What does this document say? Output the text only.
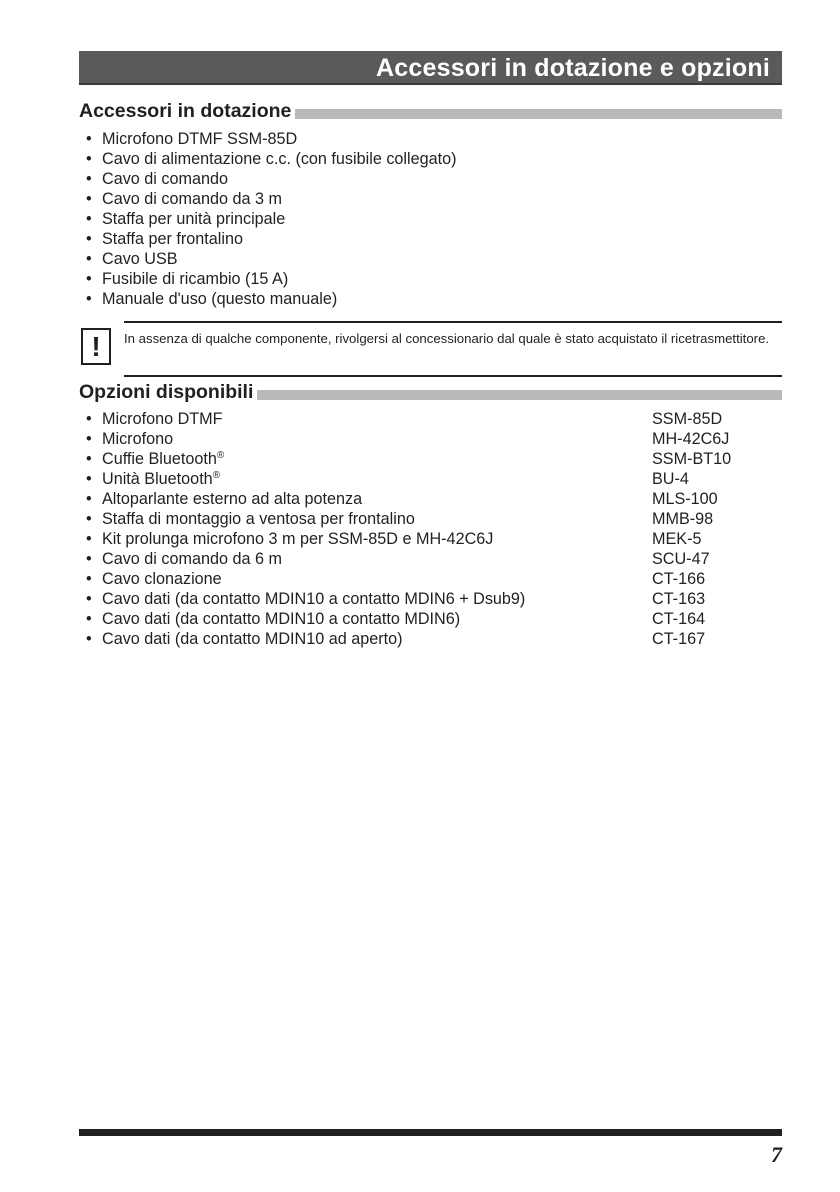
Accessori in dotazione e opzioni
Accessori in dotazione
• Microfono DTMF SSM-85D
• Cavo di alimentazione c.c. (con fusibile collegato)
• Cavo di comando
• Cavo di comando da 3 m
• Staffa per unità principale
• Staffa per frontalino
• Cavo USB
• Fusibile di ricambio (15 A)
• Manuale d'uso (questo manuale)
!	In assenza di qualche componente, rivolgersi al concessionario dal quale è stato acquistato il ricetrasmettitore.
Opzioni disponibili
• Microfono DTMF	SSM-85D
• Microfono	MH-42C6J
• Cuffie Bluetooth®	SSM-BT10
• Unità Bluetooth®	BU-4
• Altoparlante esterno ad alta potenza	MLS-100
• Staffa di montaggio a ventosa per frontalino	MMB-98
• Kit prolunga microfono 3 m per SSM-85D e MH-42C6J	MEK-5
• Cavo di comando da 6 m	SCU-47
• Cavo clonazione	CT-166
• Cavo dati (da contatto MDIN10 a contatto MDIN6 + Dsub9)	CT-163
• Cavo dati (da contatto MDIN10 a contatto MDIN6)	CT-164
• Cavo dati (da contatto MDIN10 ad aperto)	CT-167
7
